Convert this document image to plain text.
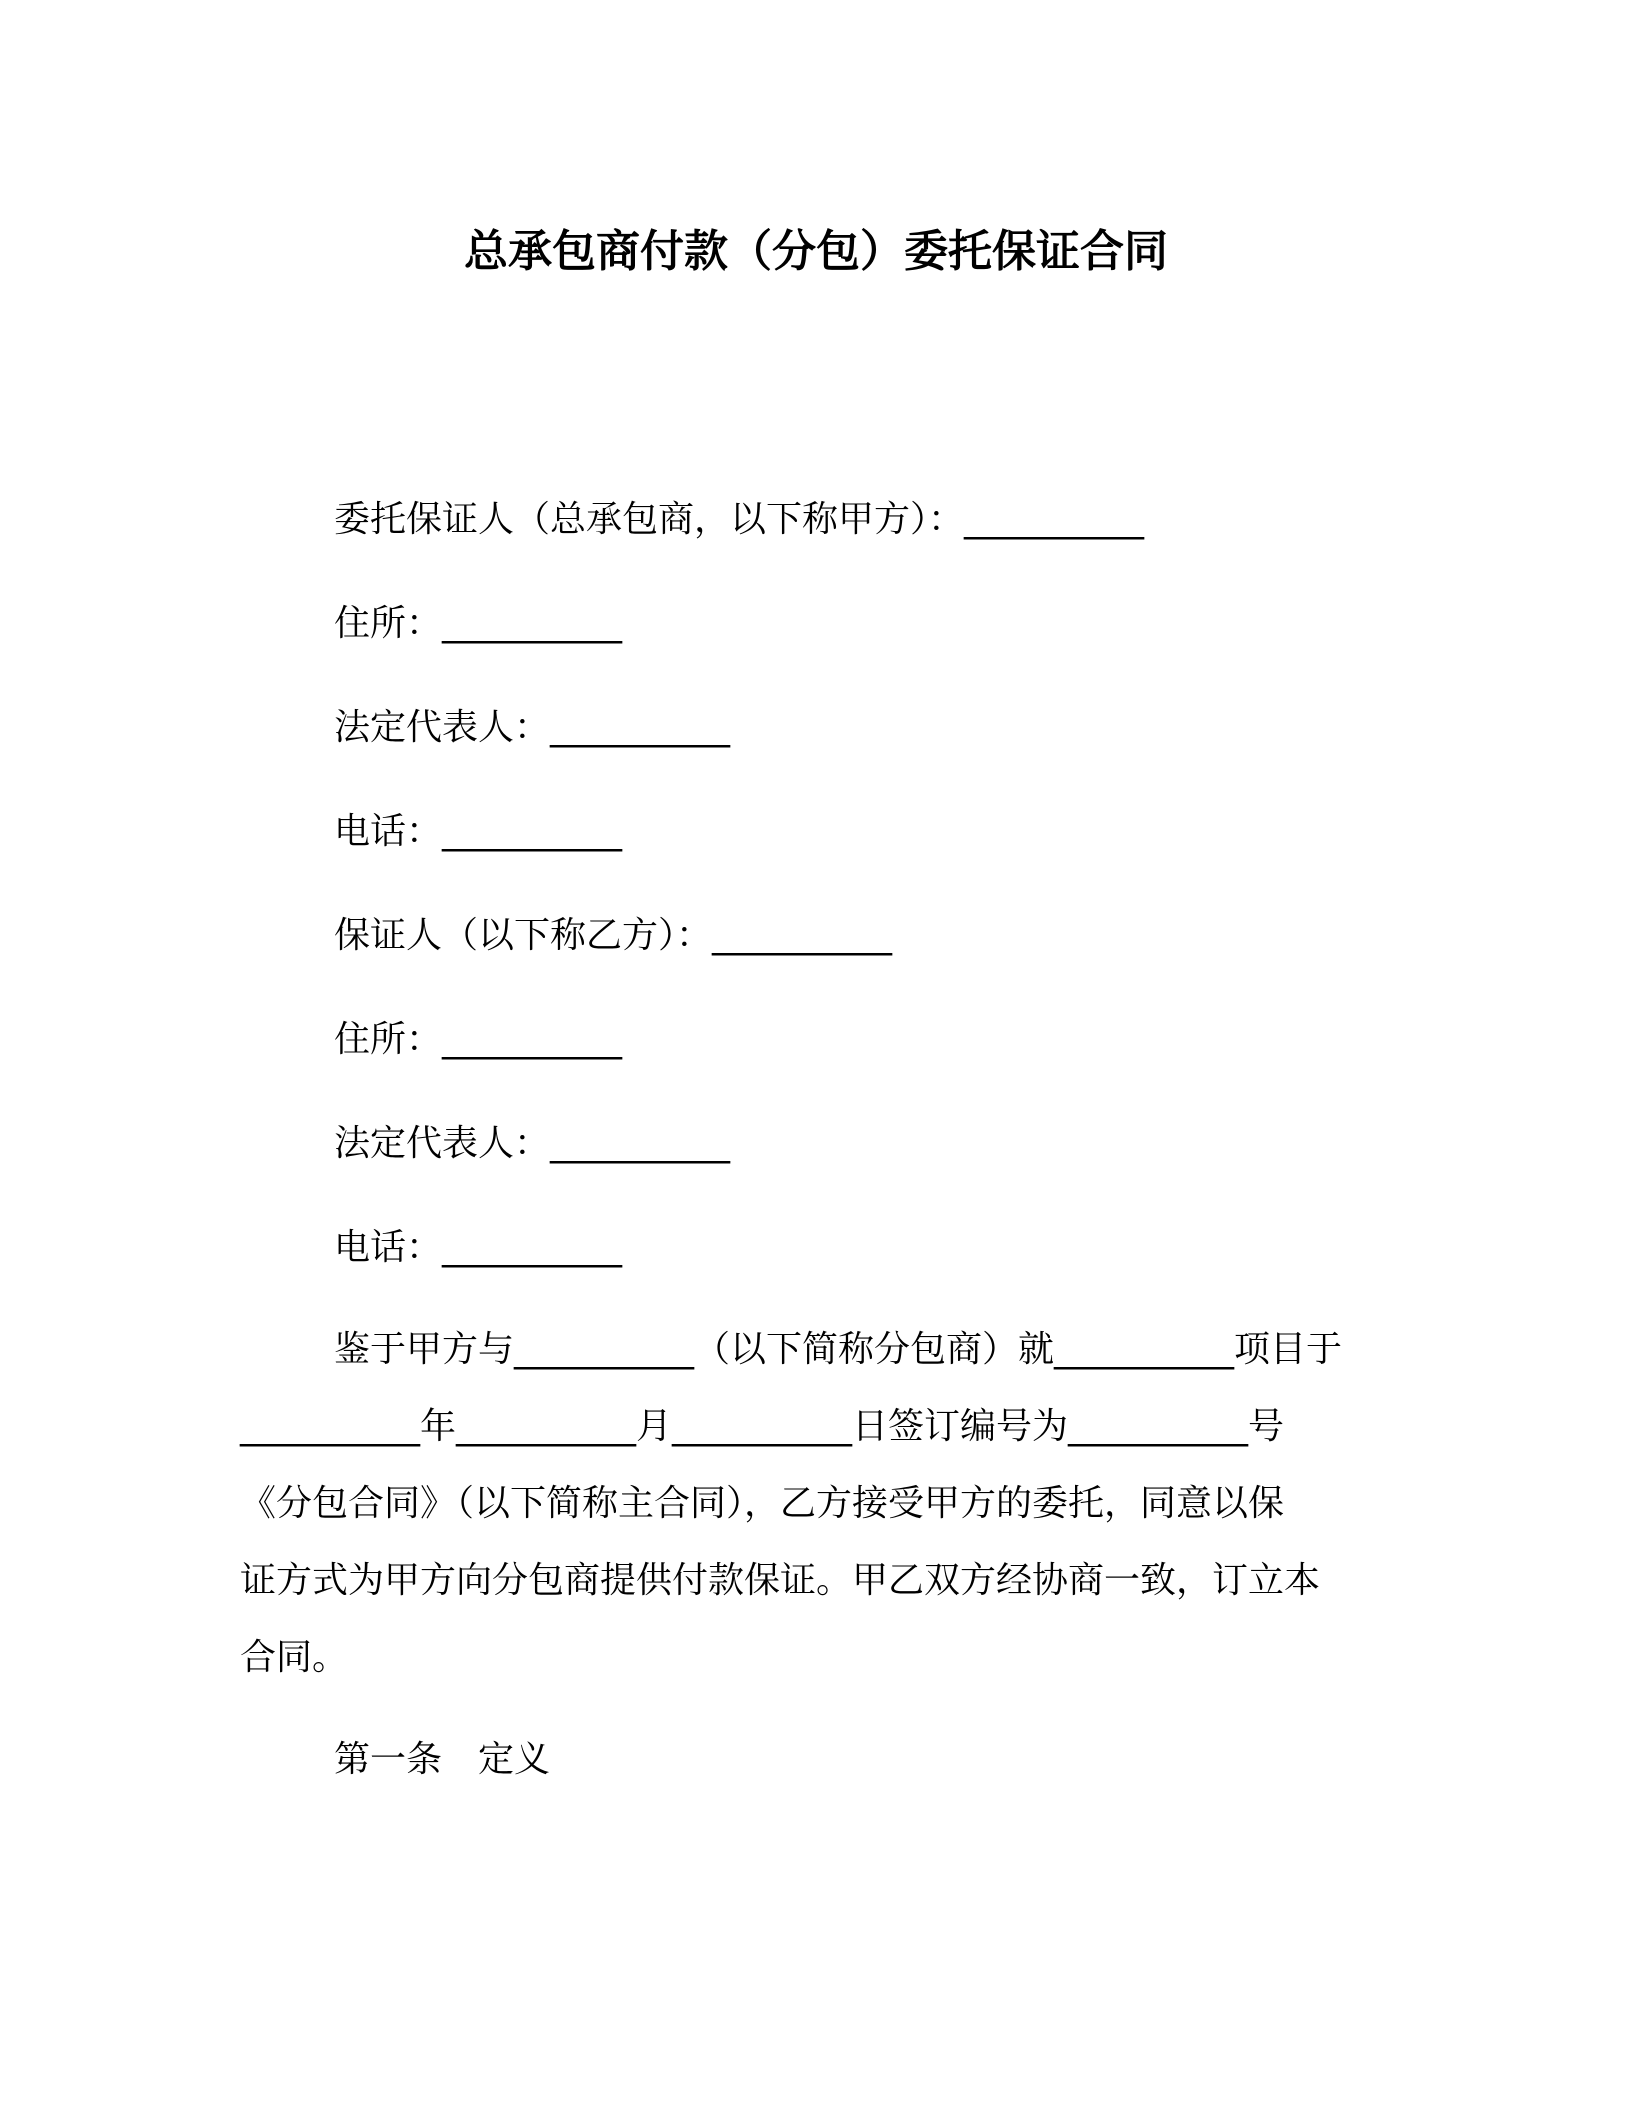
总承包商付款（分包）委托保证合同

委托保证人（总承包商，以下称甲方）：__________

住所：__________

法定代表人：__________

电话：__________

保证人（以下称乙方）：__________

住所：__________

法定代表人：__________

电话：__________

鉴于甲方与__________（以下简称分包商）就__________项目于

__________年__________月__________日签订编号为__________号

《分包合同》（以下简称主合同），乙方接受甲方的委托，同意以保

证方式为甲方向分包商提供付款保证。甲乙双方经协商一致，订立本

合同。

第一条　定义
